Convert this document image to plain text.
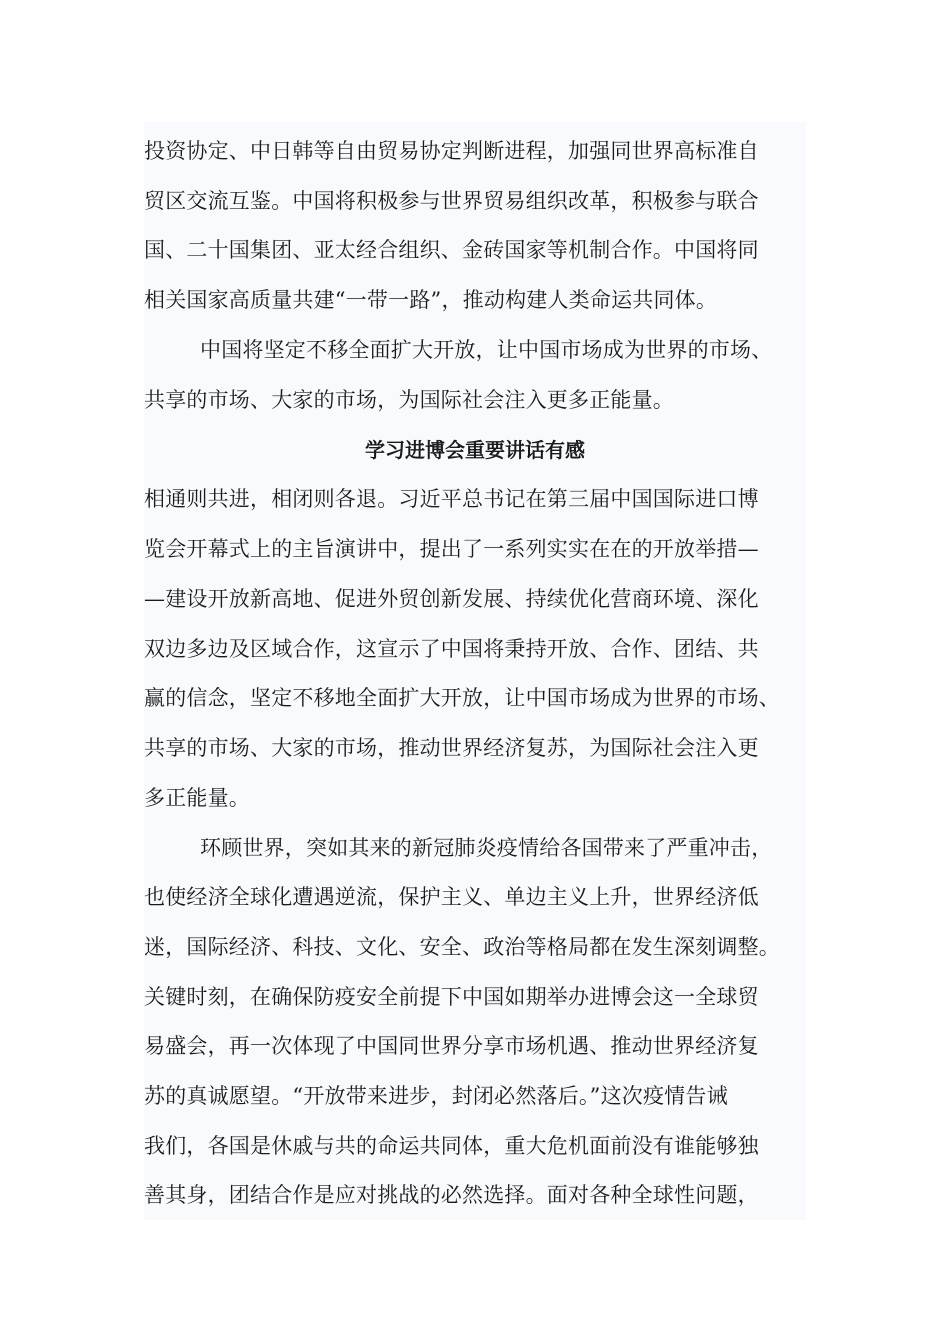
投资协定、中日韩等自由贸易协定判断进程，加强同世界高标准自
贸区交流互鉴。中国将积极参与世界贸易组织改革，积极参与联合
国、二十国集团、亚太经合组织、金砖国家等机制合作。中国将同
相关国家高质量共建“一带一路”，推动构建人类命运共同体。
中国将坚定不移全面扩大开放，让中国市场成为世界的市场、
共享的市场、大家的市场，为国际社会注入更多正能量。
学习进博会重要讲话有感
相通则共进，相闭则各退。习近平总书记在第三届中国国际进口博
览会开幕式上的主旨演讲中，提出了一系列实实在在的开放举措—
—建设开放新高地、促进外贸创新发展、持续优化营商环境、深化
双边多边及区域合作，这宣示了中国将秉持开放、合作、团结、共
赢的信念，坚定不移地全面扩大开放，让中国市场成为世界的市场、
共享的市场、大家的市场，推动世界经济复苏，为国际社会注入更
多正能量。
环顾世界，突如其来的新冠肺炎疫情给各国带来了严重冲击，
也使经济全球化遭遇逆流，保护主义、单边主义上升，世界经济低
迷，国际经济、科技、文化、安全、政治等格局都在发生深刻调整。
关键时刻，在确保防疫安全前提下中国如期举办进博会这一全球贸
易盛会，再一次体现了中国同世界分享市场机遇、推动世界经济复
苏的真诚愿望。“开放带来进步，封闭必然落后。”这次疫情告诫
我们，各国是休戚与共的命运共同体，重大危机面前没有谁能够独
善其身，团结合作是应对挑战的必然选择。面对各种全球性问题，
